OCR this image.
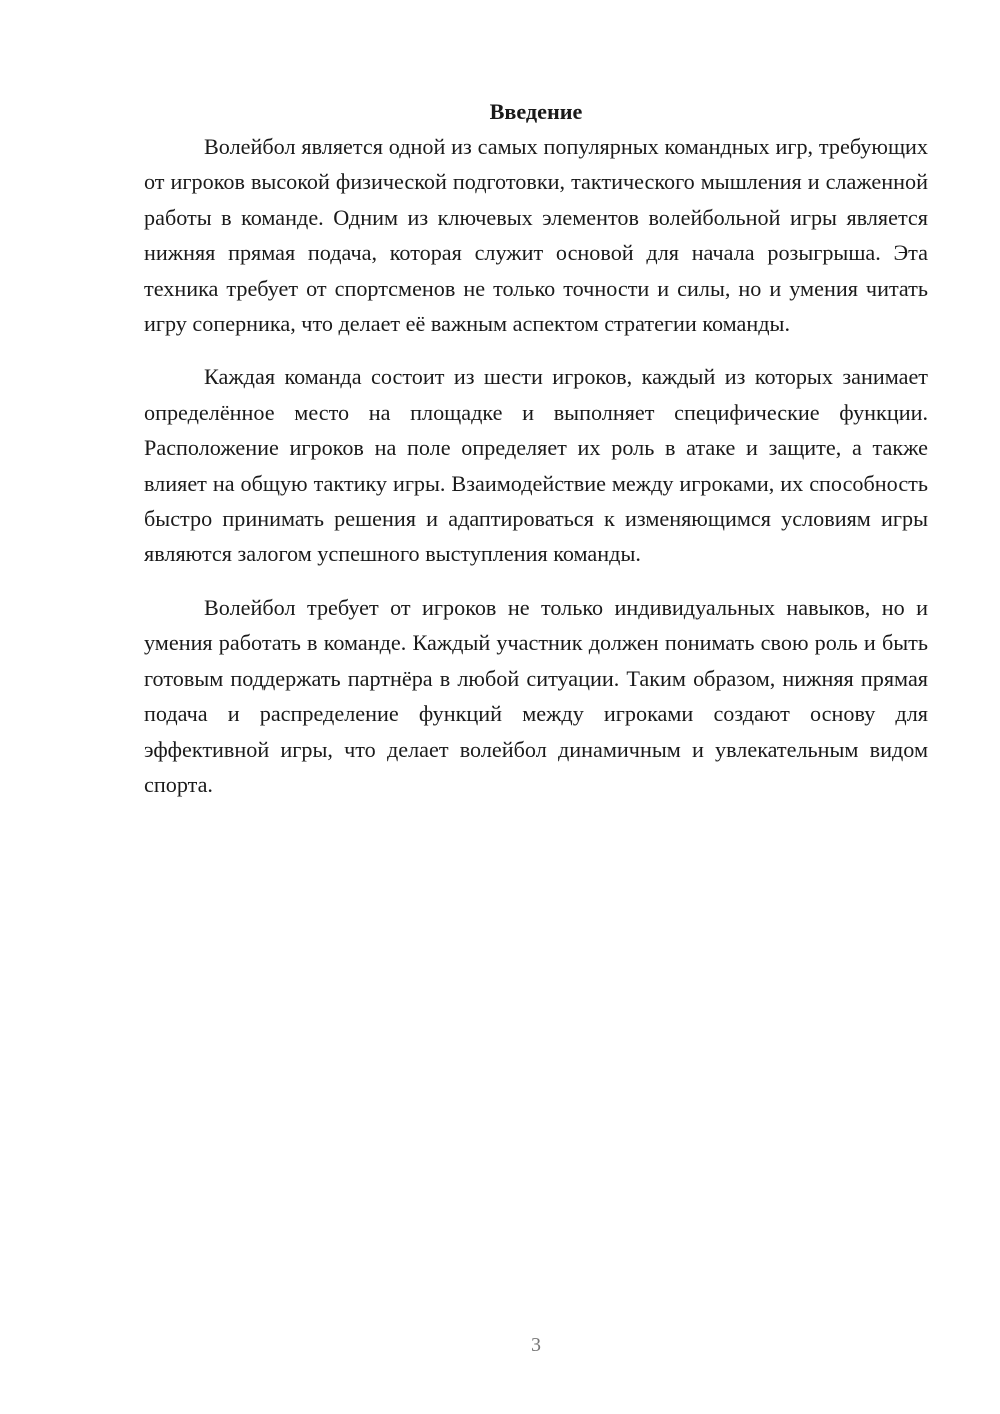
Введение

Волейбол является одной из самых популярных командных игр, требующих от игроков высокой физической подготовки, тактического мышления и слаженной работы в команде. Одним из ключевых элементов волейбольной игры является нижняя прямая подача, которая служит основой для начала розыгрыша. Эта техника требует от спортсменов не только точности и силы, но и умения читать игру соперника, что делает её важным аспектом стратегии команды.

Каждая команда состоит из шести игроков, каждый из которых занимает определённое место на площадке и выполняет специфические функции. Расположение игроков на поле определяет их роль в атаке и защите, а также влияет на общую тактику игры. Взаимодействие между игроками, их способность быстро принимать решения и адаптироваться к изменяющимся условиям игры являются залогом успешного выступления команды.

Волейбол требует от игроков не только индивидуальных навыков, но и умения работать в команде. Каждый участник должен понимать свою роль и быть готовым поддержать партнёра в любой ситуации. Таким образом, нижняя прямая подача и распределение функций между игроками создают основу для эффективной игры, что делает волейбол динамичным и увлекательным видом спорта.

3
